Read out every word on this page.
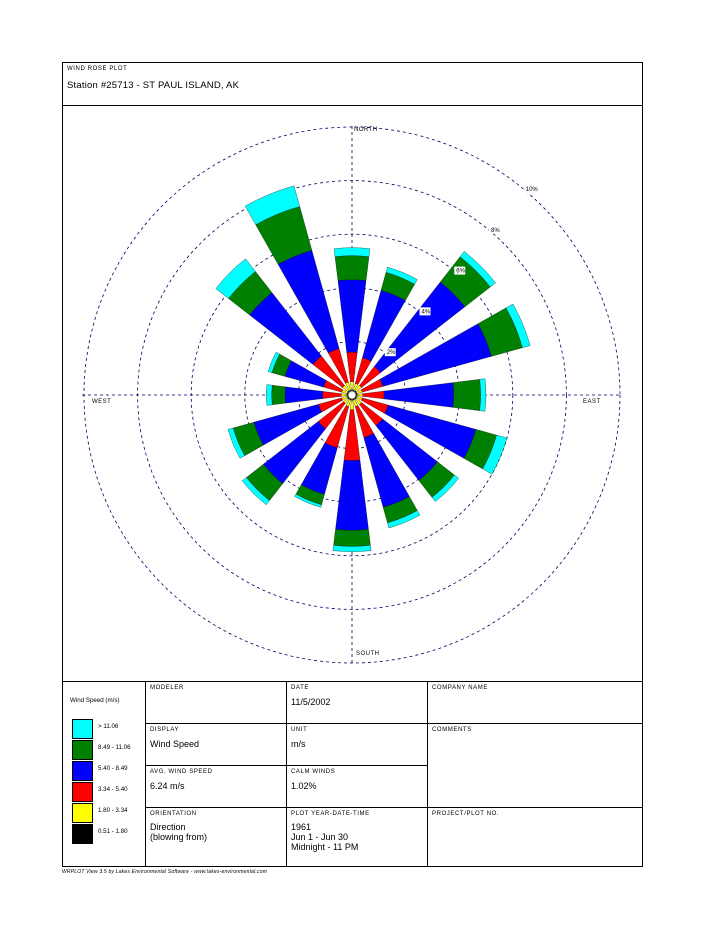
WIND ROSE PLOT
Station #25713 - ST PAUL ISLAND, AK
2%
4%
6%
8%
10%
NORTH
SOUTH
WEST	EAST
Wind Speed (m/s)
> 11.06
8.49 - 11.06
5.40 - 8.49
3.34 - 5.40
1.80 - 3.34
0.51 - 1.80
MODELER	DATE
11/5/2002
COMPANY NAME
DISPLAY
Wind Speed
UNIT
m/s
COMMENTS
AVG. WIND SPEED
6.24 m/s
CALM WINDS
1.02%
ORIENTATION
Direction
(blowing from)
PLOT YEAR-DATE-TIME
1961
Jun 1 - Jun 30
Midnight - 11 PM
PROJECT/PLOT NO.
WRPLOT View 3.5 by Lakes Environmental Software - www.lakes-environmental.com
